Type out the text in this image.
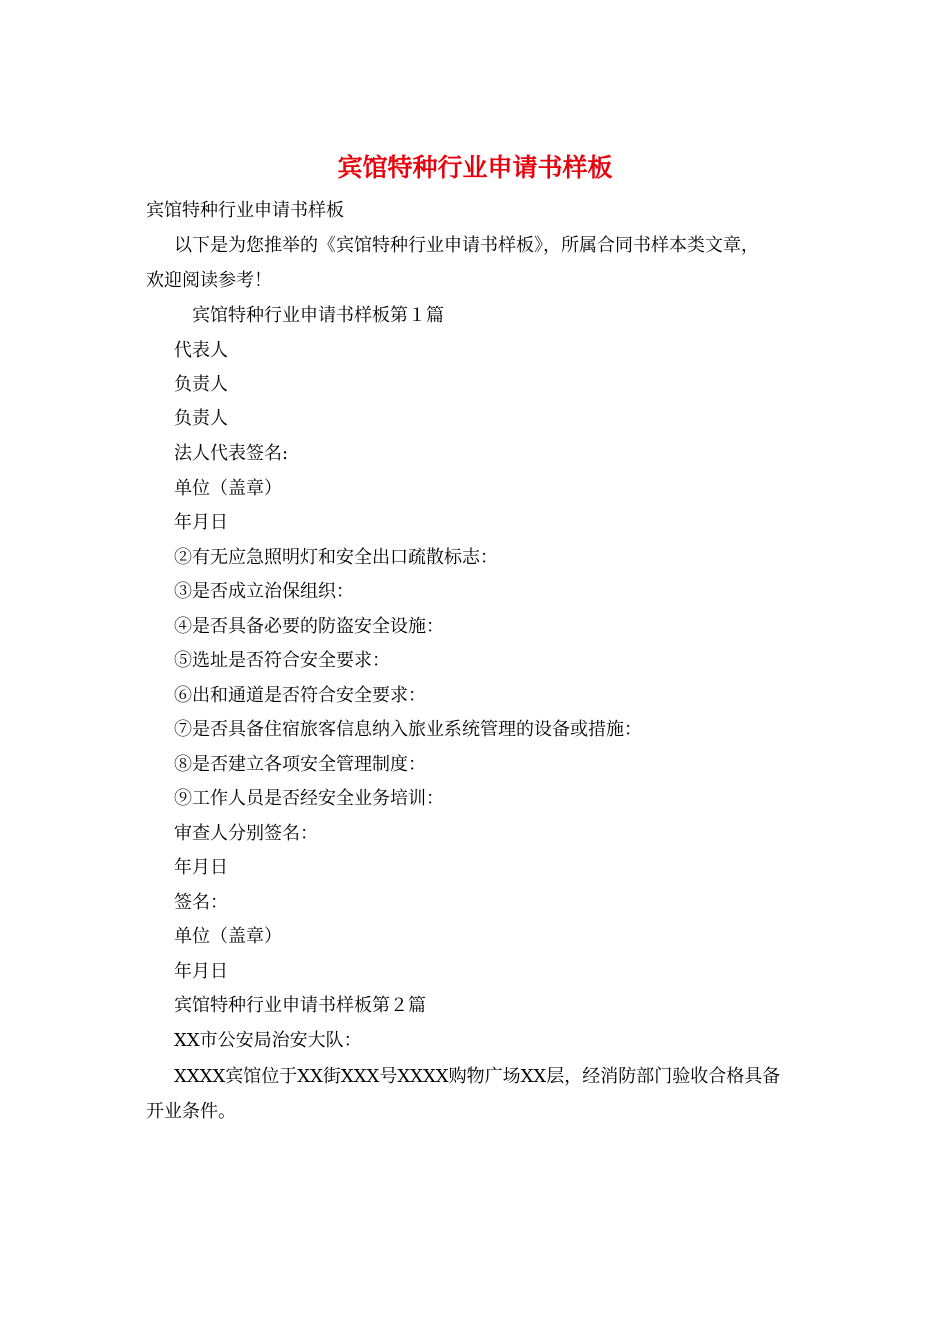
宾馆特种行业申请书样板
宾馆特种行业申请书样板
以下是为您推举的《宾馆特种行业申请书样板》，所属合同书样本类文章，
欢迎阅读参考！
宾馆特种行业申请书样板第１篇
代表人
负责人
负责人
法人代表签名:
单位（盖章）
年月日
②有无应急照明灯和安全出口疏散标志：
③是否成立治保组织：
④是否具备必要的防盗安全设施：
⑤选址是否符合安全要求：
⑥出和通道是否符合安全要求：
⑦是否具备住宿旅客信息纳入旅业系统管理的设备或措施：
⑧是否建立各项安全管理制度：
⑨工作人员是否经安全业务培训：
审查人分别签名：
年月日
签名：
单位（盖章）
年月日
宾馆特种行业申请书样板第２篇
XX市公安局治安大队：
XXXX宾馆位于XX街XXX号XXXX购物广场XX层，经消防部门验收合格具备
开业条件。
